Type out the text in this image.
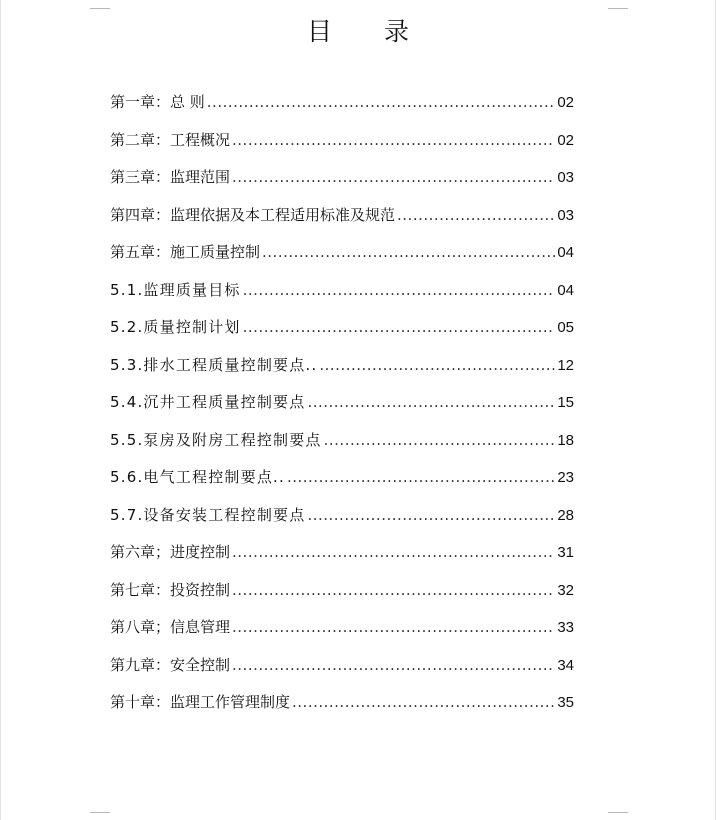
目 录
第一章：总 则 .....	02
第二章：工程概况 .....	02
第三章：监理范围 .....	03
第四章：监理依据及本工程适用标准及规范 .....	03
第五章：施工质量控制 .....	04
5.1.监理质量目标 .....	04
5.2.质量控制计划 .....	05
5.3.排水工程质量控制要点.. .....	12
5.4.沉井工程质量控制要点 .....	15
5.5.泵房及附房工程控制要点 .....	18
5.6.电气工程控制要点.. .....	23
5.7.设备安装工程控制要点 .....	28
第六章；进度控制 .....	31
第七章：投资控制 .....	32
第八章；信息管理 .....	33
第九章：安全控制 .....	34
第十章：监理工作管理制度 .....	35
